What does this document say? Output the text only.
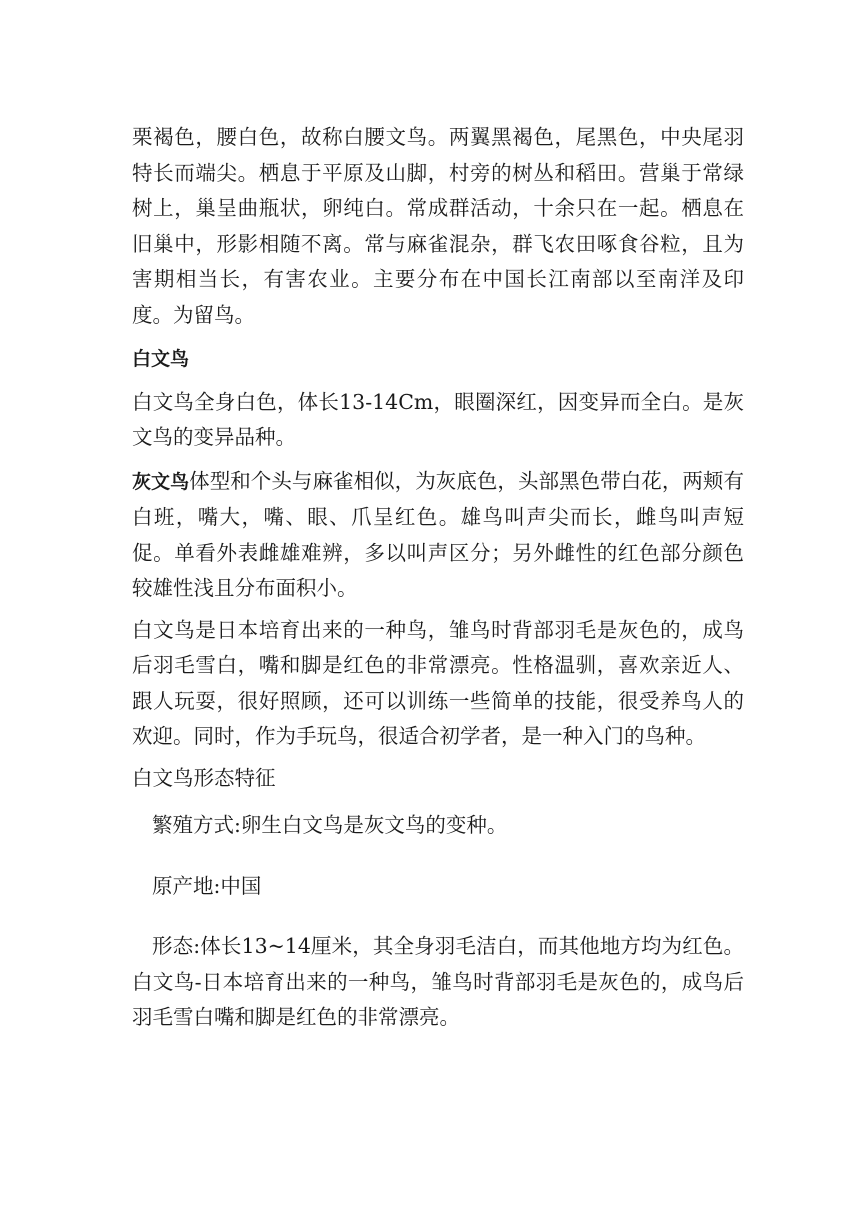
栗褐色，腰白色，故称白腰文鸟。两翼黑褐色，尾黑色，中央尾羽特长而端尖。栖息于平原及山脚，村旁的树丛和稻田。营巢于常绿树上，巢呈曲瓶状，卵纯白。常成群活动，十余只在一起。栖息在旧巢中，形影相随不离。常与麻雀混杂，群飞农田啄食谷粒，且为害期相当长，有害农业。主要分布在中国长江南部以至南洋及印度。为留鸟。

白文鸟

白文鸟全身白色，体长13-14Cm，眼圈深红，因变异而全白。是灰文鸟的变异品种。

灰文鸟体型和个头与麻雀相似，为灰底色，头部黑色带白花，两颊有白班，嘴大，嘴、眼、爪呈红色。雄鸟叫声尖而长，雌鸟叫声短促。单看外表雌雄难辨，多以叫声区分；另外雌性的红色部分颜色较雄性浅且分布面积小。

白文鸟是日本培育出来的一种鸟，雏鸟时背部羽毛是灰色的，成鸟后羽毛雪白，嘴和脚是红色的非常漂亮。性格温驯，喜欢亲近人、跟人玩耍，很好照顾，还可以训练一些简单的技能，很受养鸟人的欢迎。同时，作为手玩鸟，很适合初学者，是一种入门的鸟种。

白文鸟形态特征

繁殖方式:卵生白文鸟是灰文鸟的变种。

原产地:中国

形态:体长13~14厘米，其全身羽毛洁白，而其他地方均为红色。白文鸟-日本培育出来的一种鸟，雏鸟时背部羽毛是灰色的，成鸟后羽毛雪白嘴和脚是红色的非常漂亮。
